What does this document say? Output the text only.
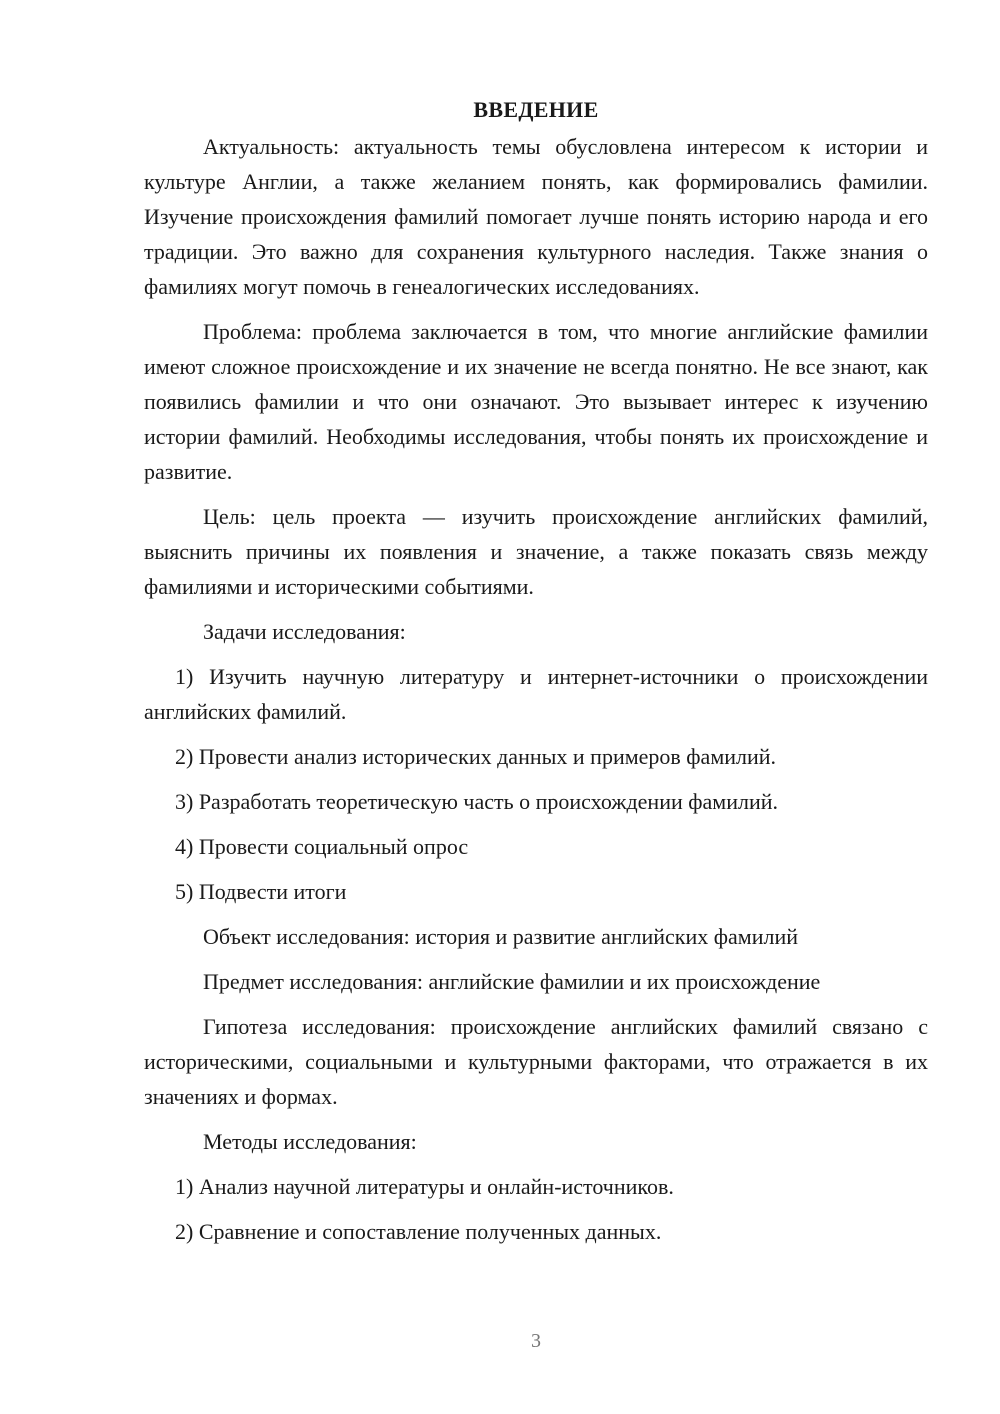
ВВЕДЕНИЕ

Актуальность: актуальность темы обусловлена интересом к истории и культуре Англии, а также желанием понять, как формировались фамилии. Изучение происхождения фамилий помогает лучше понять историю народа и его традиции. Это важно для сохранения культурного наследия. Также знания о фамилиях могут помочь в генеалогических исследованиях.

Проблема: проблема заключается в том, что многие английские фамилии имеют сложное происхождение и их значение не всегда понятно. Не все знают, как появились фамилии и что они означают. Это вызывает интерес к изучению истории фамилий. Необходимы исследования, чтобы понять их происхождение и развитие.

Цель: цель проекта — изучить происхождение английских фамилий, выяснить причины их появления и значение, а также показать связь между фамилиями и историческими событиями.

Задачи исследования:

1) Изучить научную литературу и интернет-источники о происхождении английских фамилий.

2) Провести анализ исторических данных и примеров фамилий.
3) Разработать теоретическую часть о происхождении фамилий.
4) Провести социальный опрос
5) Подвести итоги
Объект исследования: история и развитие английских фамилий
Предмет исследования: английские фамилии и их происхождение

Гипотеза исследования: происхождение английских фамилий связано с историческими, социальными и культурными факторами, что отражается в их значениях и формах.

Методы исследования:
1) Анализ научной литературы и онлайн-источников.
2) Сравнение и сопоставление полученных данных.
3
